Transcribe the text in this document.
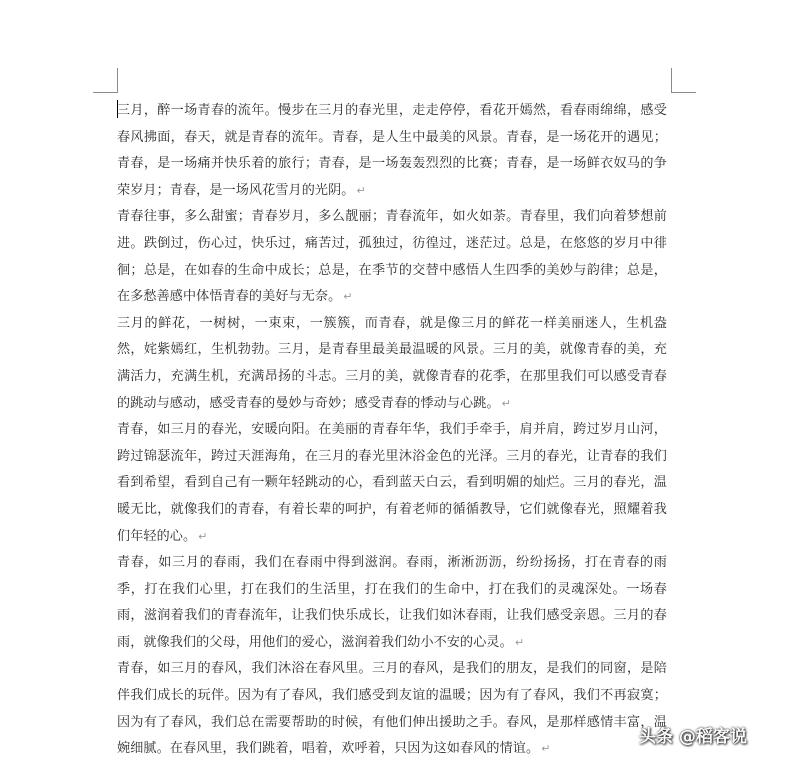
三月，醉一场青春的流年。慢步在三月的春光里，走走停停，看花开嫣然，看春雨绵绵，感受春风拂面，春天，就是青春的流年。青春，是人生中最美的风景。青春，是一场花开的遇见；青春，是一场痛并快乐着的旅行；青春，是一场轰轰烈烈的比赛；青春，是一场鲜衣奴马的争荣岁月；青春，是一场风花雪月的光阴。 ↵

青春往事，多么甜蜜；青春岁月，多么靓丽；青春流年，如火如荼。青春里，我们向着梦想前进。跌倒过，伤心过，快乐过，痛苦过，孤独过，彷徨过，迷茫过。总是，在悠悠的岁月中徘徊；总是，在如春的生命中成长；总是，在季节的交替中感悟人生四季的美妙与韵律；总是，在多愁善感中体悟青春的美好与无奈。 ↵

三月的鲜花，一树树，一束束，一簇簇，而青春，就是像三月的鲜花一样美丽迷人，生机盎然，姹紫嫣红，生机勃勃。三月，是青春里最美最温暖的风景。三月的美，就像青春的美，充满活力，充满生机，充满昂扬的斗志。三月的美，就像青春的花季，在那里我们可以感受青春的跳动与感动，感受青春的曼妙与奇妙；感受青春的悸动与心跳。 ↵

青春，如三月的春光，安暖向阳。在美丽的青春年华，我们手牵手，肩并肩，跨过岁月山河，跨过锦瑟流年，跨过天涯海角，在三月的春光里沐浴金色的光泽。三月的春光，让青春的我们看到希望，看到自己有一颗年轻跳动的心，看到蓝天白云，看到明媚的灿烂。三月的春光，温暖无比，就像我们的青春，有着长辈的呵护，有着老师的循循教导，它们就像春光，照耀着我们年轻的心。 ↵

青春，如三月的春雨，我们在春雨中得到滋润。春雨，淅淅沥沥，纷纷扬扬，打在青春的雨季，打在我们心里，打在我们的生活里，打在我们的生命中，打在我们的灵魂深处。一场春雨，滋润着我们的青春流年，让我们快乐成长，让我们如沐春雨，让我们感受亲恩。三月的春雨，就像我们的父母，用他们的爱心，滋润着我们幼小不安的心灵。 ↵

青春，如三月的春风，我们沐浴在春风里。三月的春风，是我们的朋友，是我们的同窗，是陪伴我们成长的玩伴。因为有了春风，我们感受到友谊的温暖；因为有了春风，我们不再寂寞；因为有了春风，我们总在需要帮助的时候，有他们伸出援助之手。春风，是那样感情丰富，温婉细腻。在春风里，我们跳着，唱着，欢呼着，只因为这如春风的情谊。 ↵

头条 @稻客说
